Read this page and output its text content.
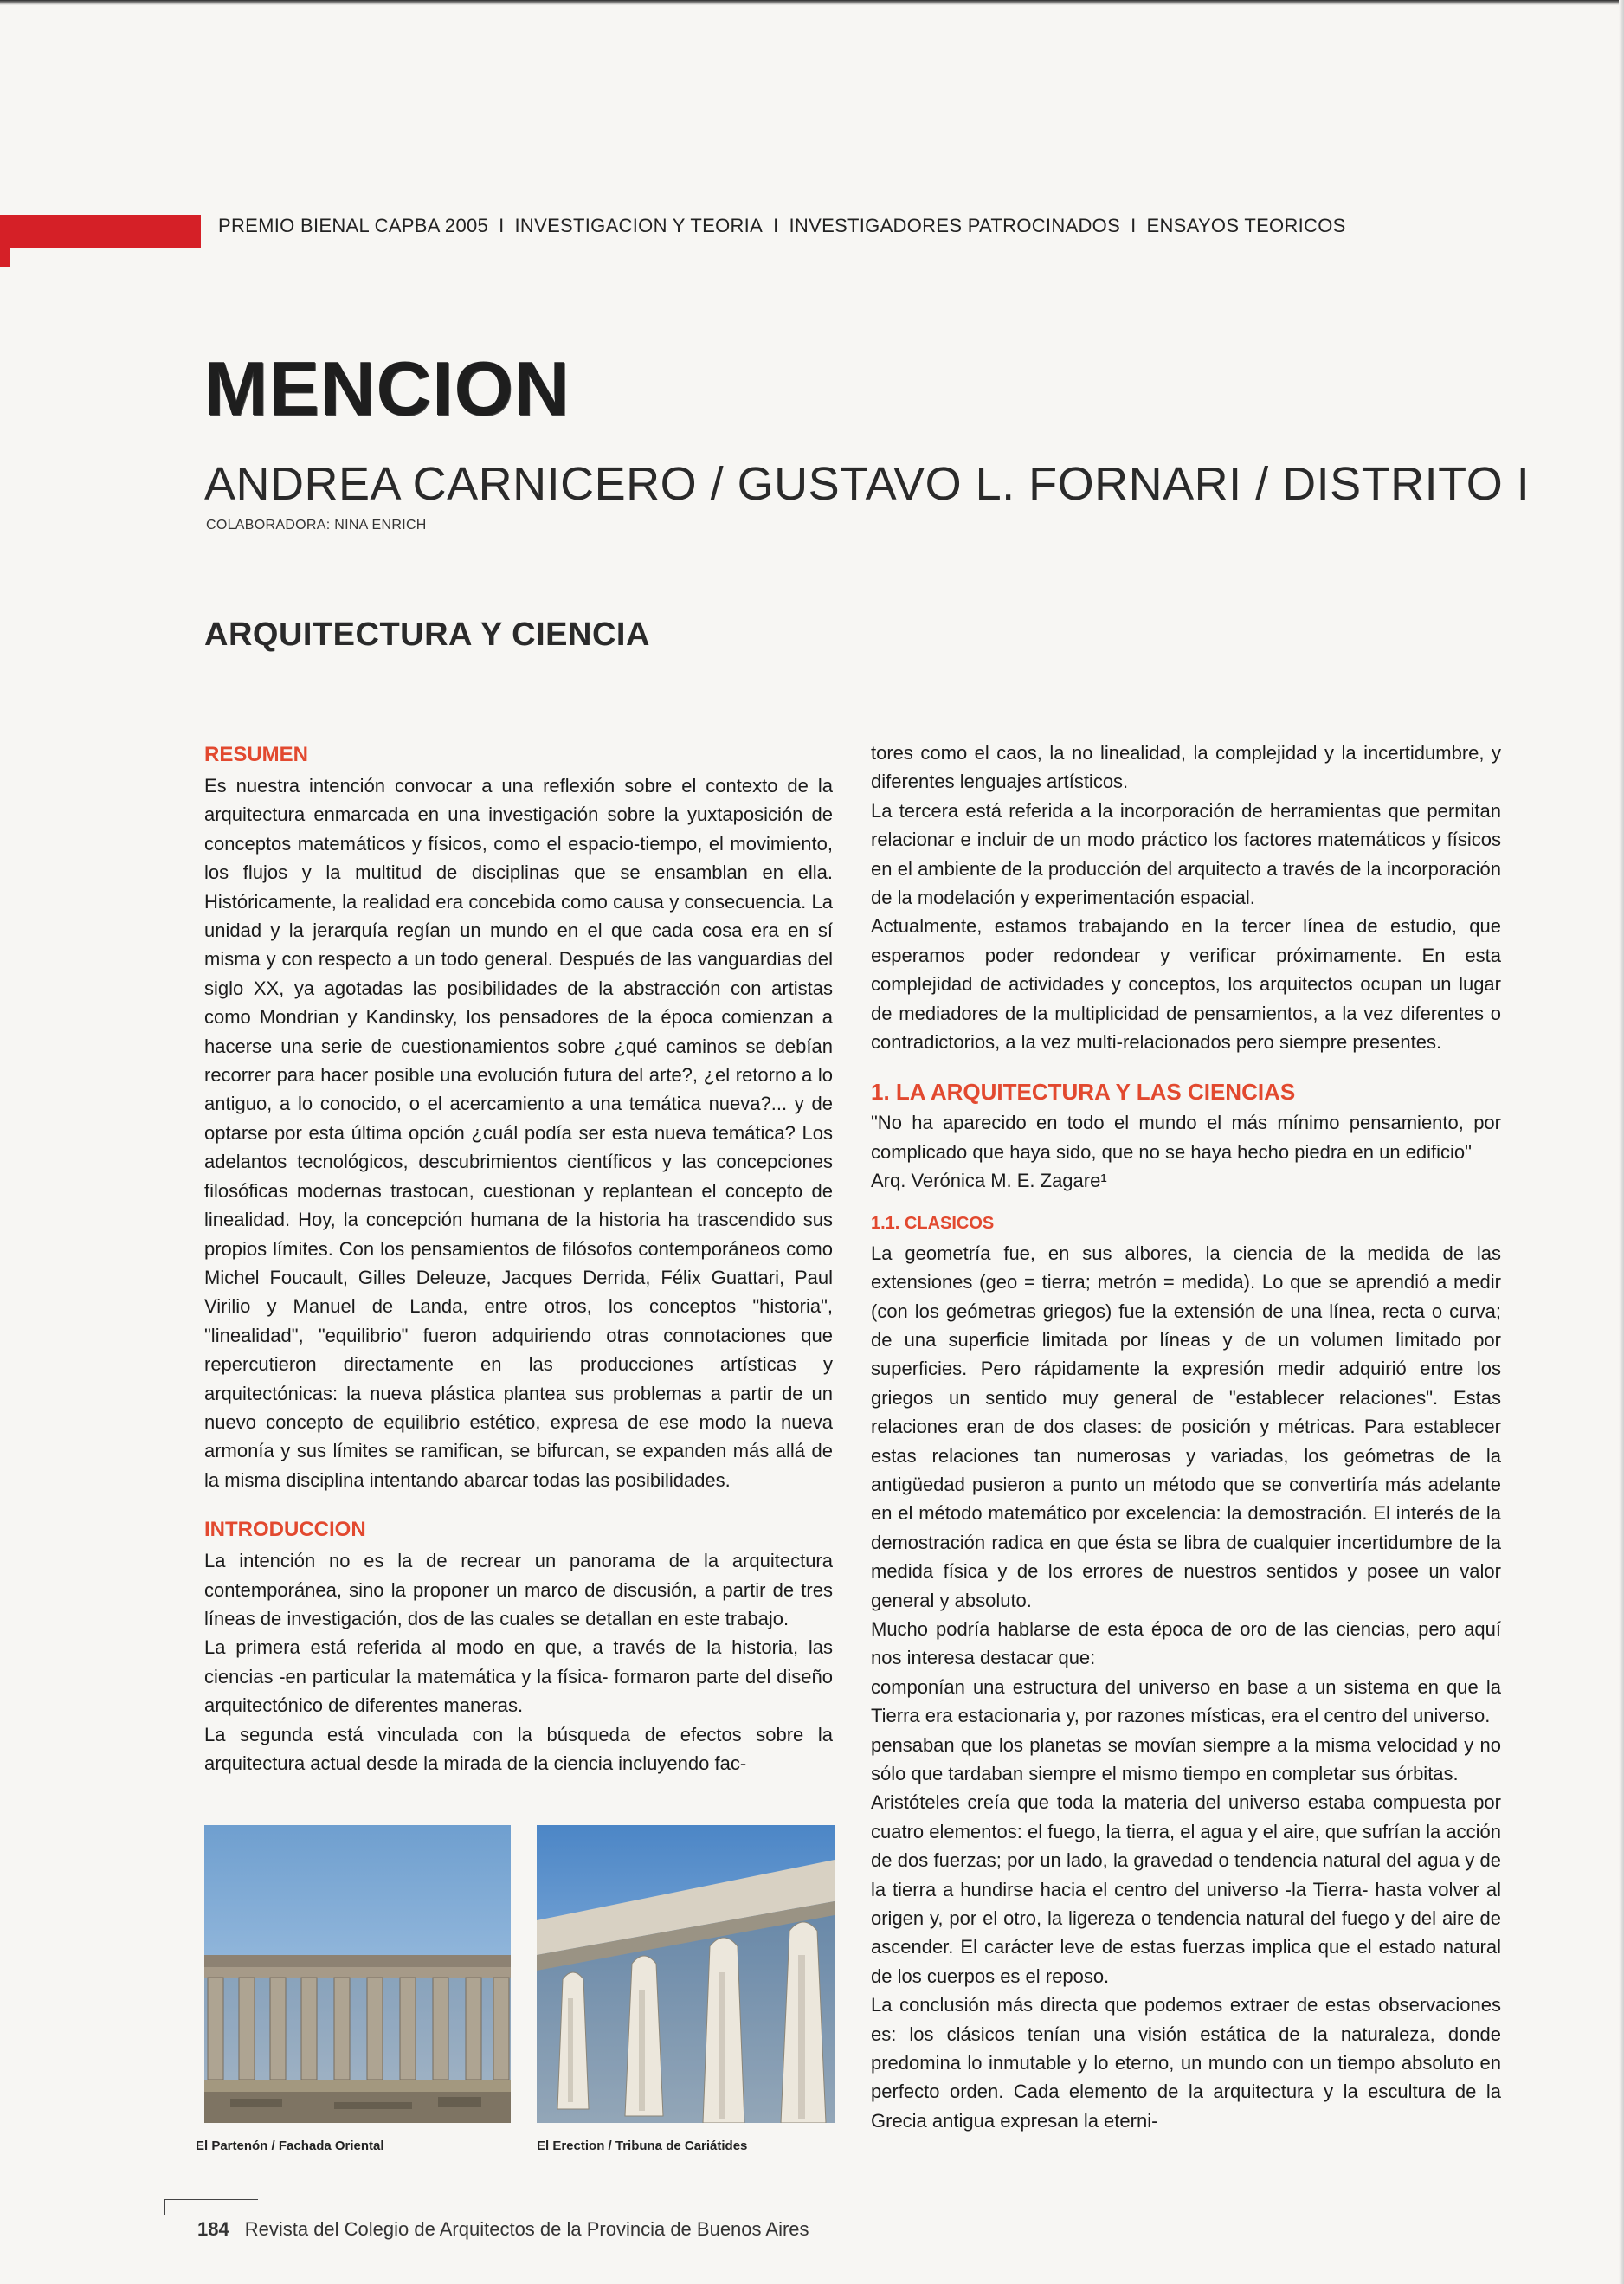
PREMIO BIENAL CAPBA 2005 I INVESTIGACION Y TEORIA I INVESTIGADORES PATROCINADOS I ENSAYOS TEORICOS
MENCION
ANDREA CARNICERO / GUSTAVO L. FORNARI / DISTRITO I
COLABORADORA: NINA ENRICH
ARQUITECTURA Y CIENCIA
RESUMEN

Es nuestra intención convocar a una reflexión sobre el contexto de la arquitectura enmarcada en una investigación sobre la yuxtaposición de conceptos matemáticos y físicos, como el espacio-tiempo, el movimiento, los flujos y la multitud de disciplinas que se ensamblan en ella. Históricamente, la realidad era concebida como causa y consecuencia. La unidad y la jerarquía regían un mundo en el que cada cosa era en sí misma y con respecto a un todo general. Después de las vanguardias del siglo XX, ya agotadas las posibilidades de la abstracción con artistas como Mondrian y Kandinsky, los pensadores de la época comienzan a hacerse una serie de cuestionamientos sobre ¿qué caminos se debían recorrer para hacer posible una evolución futura del arte?, ¿el retorno a lo antiguo, a lo conocido, o el acercamiento a una temática nueva?... y de optarse por esta última opción ¿cuál podía ser esta nueva temática? Los adelantos tecnológicos, descubrimientos científicos y las concepciones filosóficas modernas trastocan, cuestionan y replantean el concepto de linealidad. Hoy, la concepción humana de la historia ha trascendido sus propios límites. Con los pensamientos de filósofos contemporáneos como Michel Foucault, Gilles Deleuze, Jacques Derrida, Félix Guattari, Paul Virilio y Manuel de Landa, entre otros, los conceptos "historia", "linealidad", "equilibrio" fueron adquiriendo otras connotaciones que repercutieron directamente en las producciones artísticas y arquitectónicas: la nueva plástica plantea sus problemas a partir de un nuevo concepto de equilibrio estético, expresa de ese modo la nueva armonía y sus límites se ramifican, se bifurcan, se expanden más allá de la misma disciplina intentando abarcar todas las posibilidades.

INTRODUCCION

La intención no es la de recrear un panorama de la arquitectura contemporánea, sino la proponer un marco de discusión, a partir de tres líneas de investigación, dos de las cuales se detallan en este trabajo.

La primera está referida al modo en que, a través de la historia, las ciencias -en particular la matemática y la física- formaron parte del diseño arquitectónico de diferentes maneras.

La segunda está vinculada con la búsqueda de efectos sobre la arquitectura actual desde la mirada de la ciencia incluyendo fac-

tores como el caos, la no linealidad, la complejidad y la incertidumbre, y diferentes lenguajes artísticos.

La tercera está referida a la incorporación de herramientas que permitan relacionar e incluir de un modo práctico los factores matemáticos y físicos en el ambiente de la producción del arquitecto a través de la incorporación de la modelación y experimentación espacial.

Actualmente, estamos trabajando en la tercer línea de estudio, que esperamos poder redondear y verificar próximamente. En esta complejidad de actividades y conceptos, los arquitectos ocupan un lugar de mediadores de la multiplicidad de pensamientos, a la vez diferentes o contradictorios, a la vez multi-relacionados pero siempre presentes.

1. LA ARQUITECTURA Y LAS CIENCIAS

"No ha aparecido en todo el mundo el más mínimo pensamiento, por complicado que haya sido, que no se haya hecho piedra en un edificio"

Arq. Verónica M. E. Zagare¹

1.1. CLASICOS

La geometría fue, en sus albores, la ciencia de la medida de las extensiones (geo = tierra; metrón = medida). Lo que se aprendió a medir (con los geómetras griegos) fue la extensión de una línea, recta o curva; de una superficie limitada por líneas y de un volumen limitado por superficies. Pero rápidamente la expresión medir adquirió entre los griegos un sentido muy general de "establecer relaciones". Estas relaciones eran de dos clases: de posición y métricas. Para establecer estas relaciones tan numerosas y variadas, los geómetras de la antigüedad pusieron a punto un método que se convertiría más adelante en el método matemático por excelencia: la demostración. El interés de la demostración radica en que ésta se libra de cualquier incertidumbre de la medida física y de los errores de nuestros sentidos y posee un valor general y absoluto.

Mucho podría hablarse de esta época de oro de las ciencias, pero aquí nos interesa destacar que:

componían una estructura del universo en base a un sistema en que la Tierra era estacionaria y, por razones místicas, era el centro del universo.

pensaban que los planetas se movían siempre a la misma velocidad y no sólo que tardaban siempre el mismo tiempo en completar sus órbitas.

Aristóteles creía que toda la materia del universo estaba compuesta por cuatro elementos: el fuego, la tierra, el agua y el aire, que sufrían la acción de dos fuerzas; por un lado, la gravedad o tendencia natural del agua y de la tierra a hundirse hacia el centro del universo -la Tierra- hasta volver al origen y, por el otro, la ligereza o tendencia natural del fuego y del aire de ascender. El carácter leve de estas fuerzas implica que el estado natural de los cuerpos es el reposo.

La conclusión más directa que podemos extraer de estas observaciones es: los clásicos tenían una visión estática de la naturaleza, donde predomina lo inmutable y lo eterno, un mundo con un tiempo absoluto en perfecto orden. Cada elemento de la arquitectura y la escultura de la Grecia antigua expresan la eterni-

El Partenón / Fachada Oriental	El Erection / Tribuna de Cariátides
184 Revista del Colegio de Arquitectos de la Provincia de Buenos Aires
